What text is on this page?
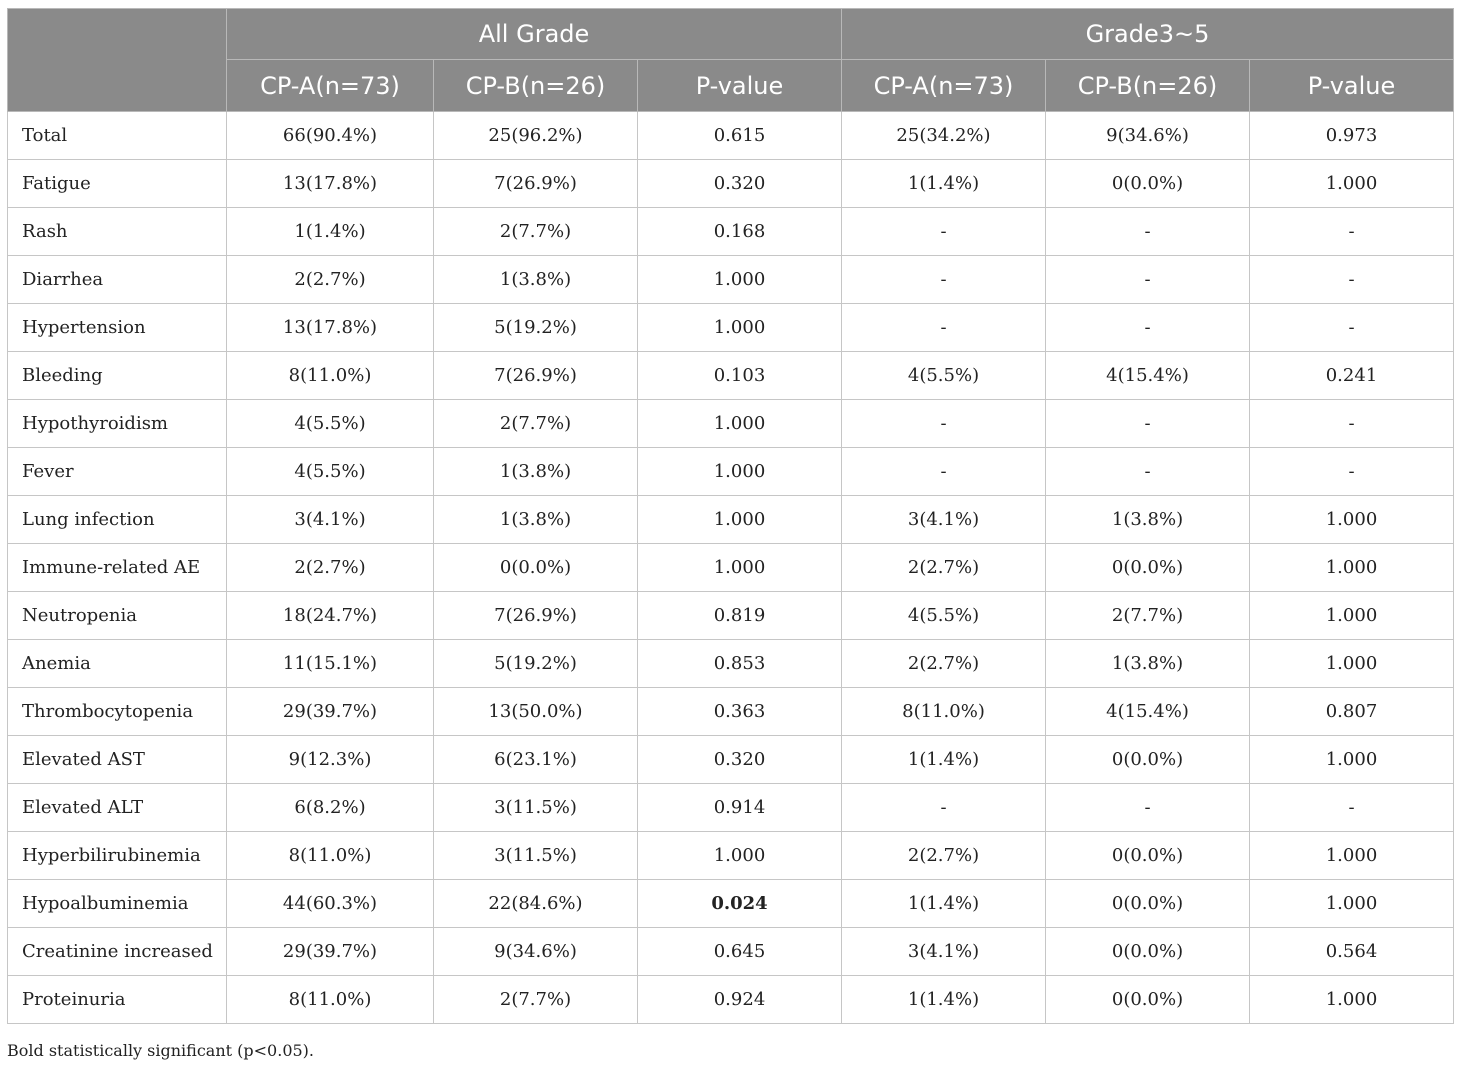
	All Grade			Grade3~5		
	CP-A(n=73)	CP-B(n=26)	P-value	CP-A(n=73)	CP-B(n=26)	P-value
Total	66(90.4%)	25(96.2%)	0.615	25(34.2%)	9(34.6%)	0.973
Fatigue	13(17.8%)	7(26.9%)	0.320	1(1.4%)	0(0.0%)	1.000
Rash	1(1.4%)	2(7.7%)	0.168	-	-	-
Diarrhea	2(2.7%)	1(3.8%)	1.000	-	-	-
Hypertension	13(17.8%)	5(19.2%)	1.000	-	-	-
Bleeding	8(11.0%)	7(26.9%)	0.103	4(5.5%)	4(15.4%)	0.241
Hypothyroidism	4(5.5%)	2(7.7%)	1.000	-	-	-
Fever	4(5.5%)	1(3.8%)	1.000	-	-	-
Lung infection	3(4.1%)	1(3.8%)	1.000	3(4.1%)	1(3.8%)	1.000
Immune-related AE	2(2.7%)	0(0.0%)	1.000	2(2.7%)	0(0.0%)	1.000
Neutropenia	18(24.7%)	7(26.9%)	0.819	4(5.5%)	2(7.7%)	1.000
Anemia	11(15.1%)	5(19.2%)	0.853	2(2.7%)	1(3.8%)	1.000
Thrombocytopenia	29(39.7%)	13(50.0%)	0.363	8(11.0%)	4(15.4%)	0.807
Elevated AST	9(12.3%)	6(23.1%)	0.320	1(1.4%)	0(0.0%)	1.000
Elevated ALT	6(8.2%)	3(11.5%)	0.914	-	-	-
Hyperbilirubinemia	8(11.0%)	3(11.5%)	1.000	2(2.7%)	0(0.0%)	1.000
Hypoalbuminemia	44(60.3%)	22(84.6%)	0.024	1(1.4%)	0(0.0%)	1.000
Creatinine increased	29(39.7%)	9(34.6%)	0.645	3(4.1%)	0(0.0%)	0.564
Proteinuria	8(11.0%)	2(7.7%)	0.924	1(1.4%)	0(0.0%)	1.000
Bold statistically significant (p<0.05).
